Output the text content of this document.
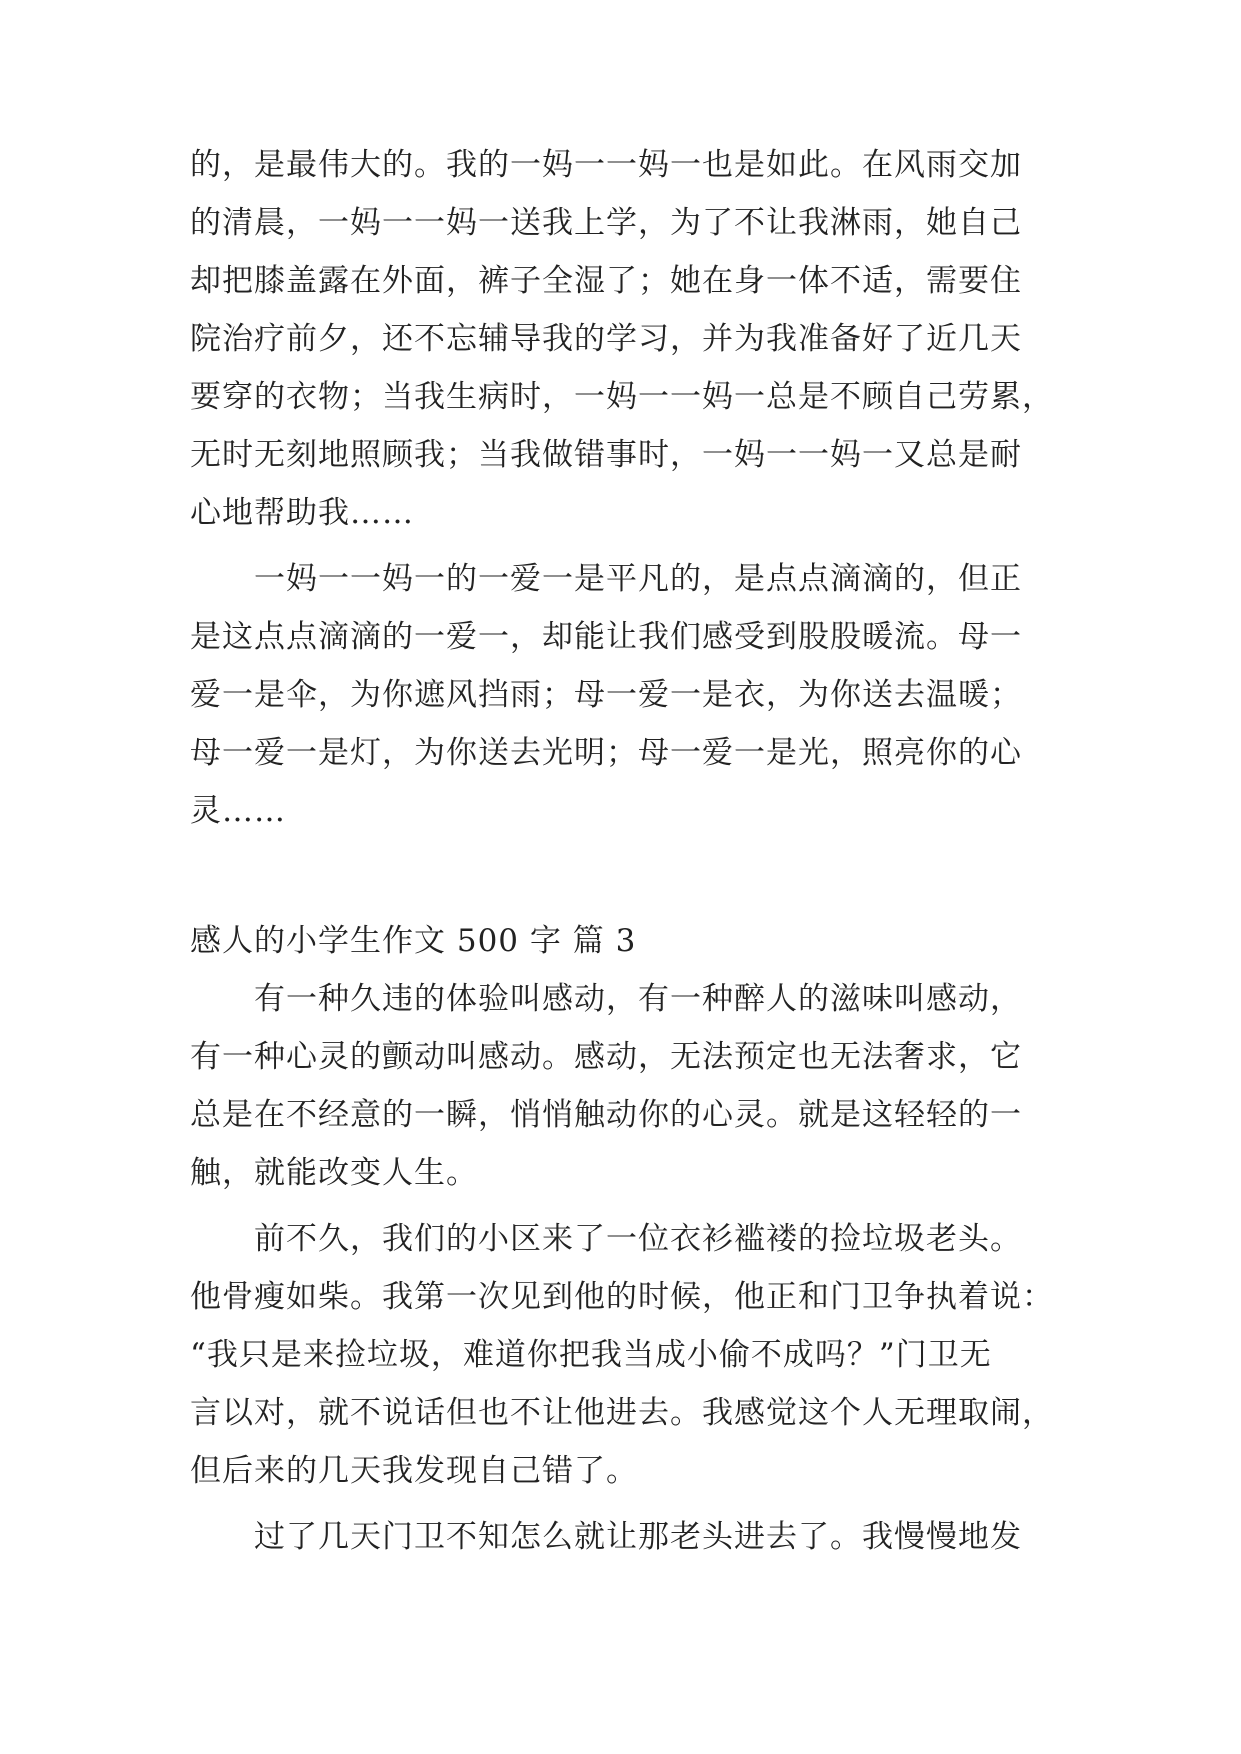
的，是最伟大的。我的一妈一一妈一也是如此。在风雨交加
的清晨，一妈一一妈一送我上学，为了不让我淋雨，她自己
却把膝盖露在外面，裤子全湿了；她在身一体不适，需要住
院治疗前夕，还不忘辅导我的学习，并为我准备好了近几天
要穿的衣物；当我生病时，一妈一一妈一总是不顾自己劳累，
无时无刻地照顾我；当我做错事时，一妈一一妈一又总是耐
心地帮助我……
　　一妈一一妈一的一爱一是平凡的，是点点滴滴的，但正
是这点点滴滴的一爱一，却能让我们感受到股股暖流。母一
爱一是伞，为你遮风挡雨；母一爱一是衣，为你送去温暖；
母一爱一是灯，为你送去光明；母一爱一是光，照亮你的心
灵……
感人的小学生作文 500 字 篇 3
　　有一种久违的体验叫感动，有一种醉人的滋味叫感动，
有一种心灵的颤动叫感动。感动，无法预定也无法奢求，它
总是在不经意的一瞬，悄悄触动你的心灵。就是这轻轻的一
触，就能改变人生。
　　前不久，我们的小区来了一位衣衫褴褛的捡垃圾老头。
他骨瘦如柴。我第一次见到他的时候，他正和门卫争执着说：
“我只是来捡垃圾，难道你把我当成小偷不成吗？”门卫无
言以对，就不说话但也不让他进去。我感觉这个人无理取闹，
但后来的几天我发现自己错了。
　　过了几天门卫不知怎么就让那老头进去了。我慢慢地发
